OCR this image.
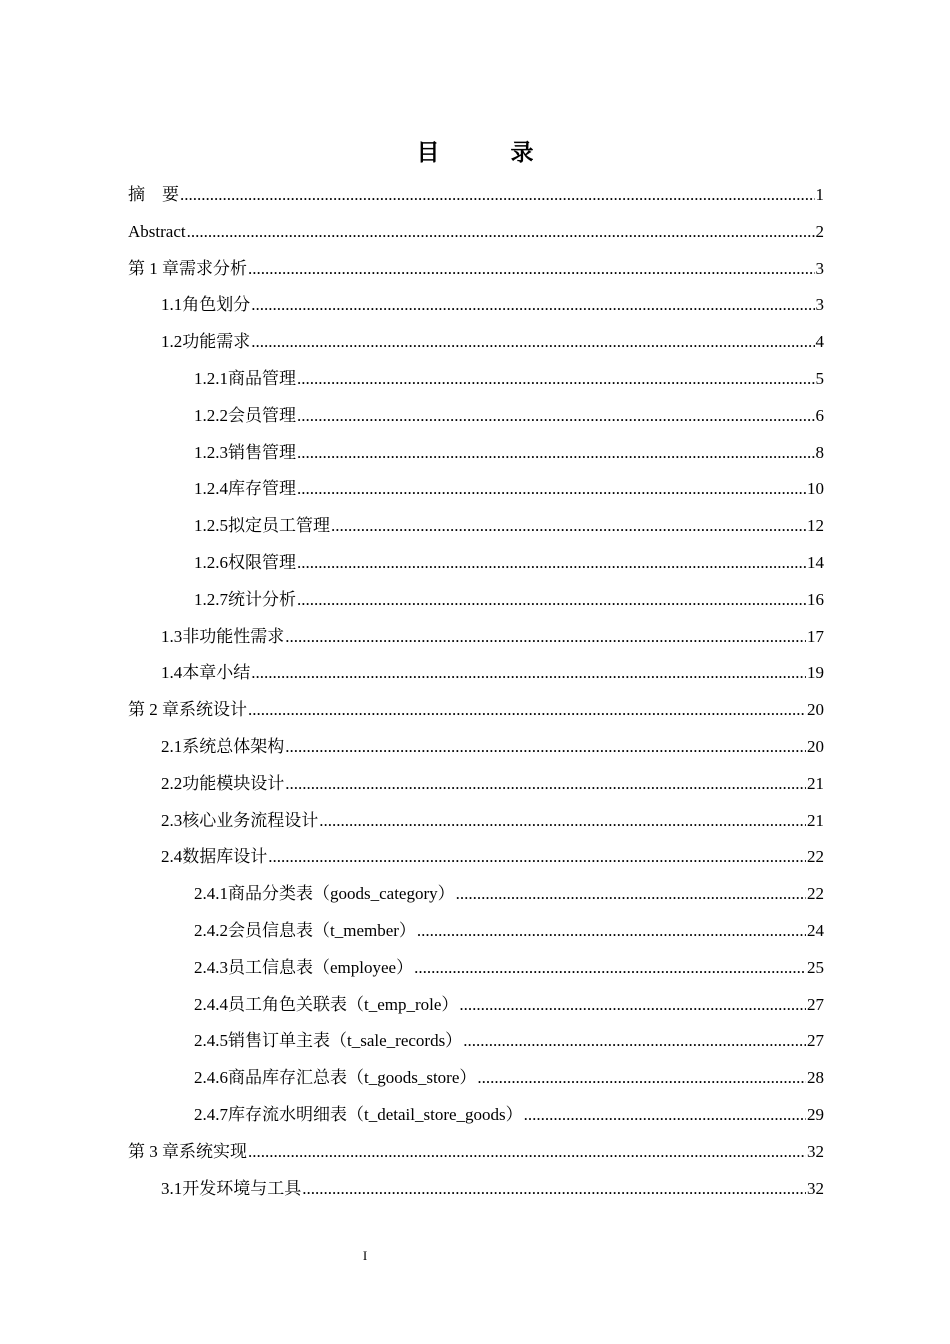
目　录
摘　要 .....	1
Abstract .....	2
第 1 章 需求分析 .....	3
1.1 角色划分 .....	3
1.2 功能需求 .....	4
1.2.1 商品管理 .....	5
1.2.2 会员管理 .....	6
1.2.3 销售管理 .....	8
1.2.4 库存管理 .....	10
1.2.5 拟定员工管理 .....	12
1.2.6 权限管理 .....	14
1.2.7 统计分析 .....	16
1.3 非功能性需求 .....	17
1.4 本章小结 .....	19
第 2 章 系统设计 .....	20
2.1 系统总体架构 .....	20
2.2 功能模块设计 .....	21
2.3 核心业务流程设计 .....	21
2.4 数据库设计 .....	22
2.4.1 商品分类表（goods_category） .....	22
2.4.2 会员信息表（t_member） .....	24
2.4.3 员工信息表（employee） .....	25
2.4.4 员工角色关联表（t_emp_role） .....	27
2.4.5 销售订单主表（t_sale_records） .....	27
2.4.6 商品库存汇总表（t_goods_store） .....	28
2.4.7 库存流水明细表（t_detail_store_goods） .....	29
第 3 章 系统实现 .....	32
3.1 开发环境与工具 .....	32
I
